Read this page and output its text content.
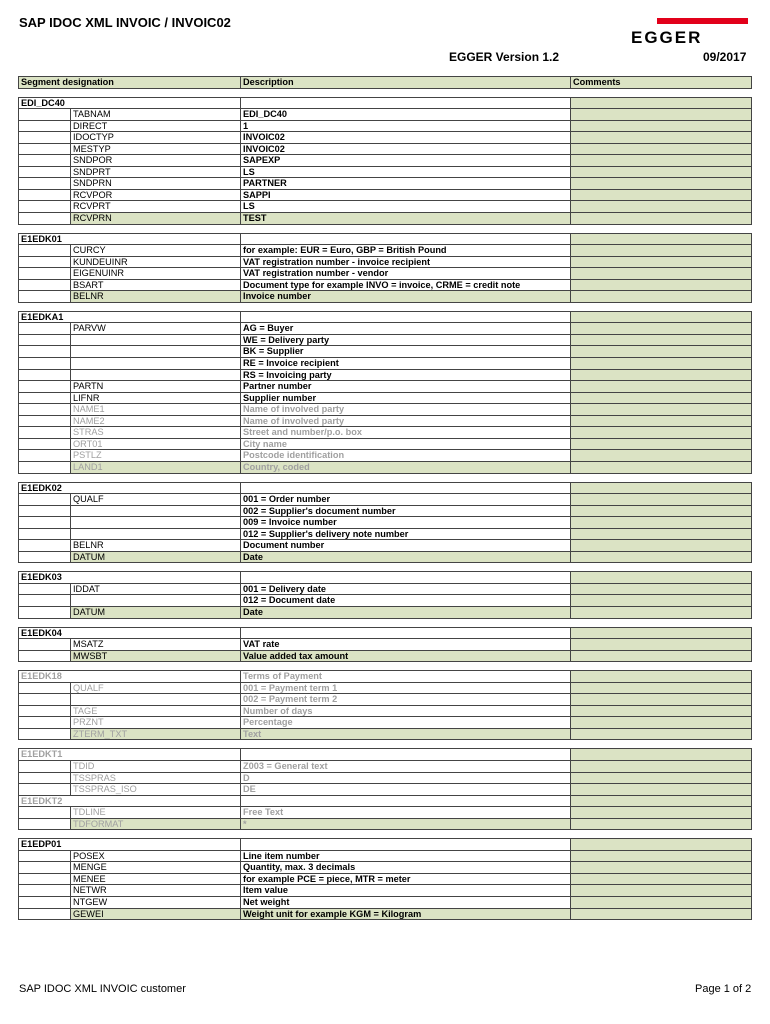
SAP IDOC XML INVOIC / INVOIC02
EGGER
EGGER Version 1.2	09/2017
Segment designation		Description	Comments

EDI_DC40			
	TABNAM	EDI_DC40	
	DIRECT	1	
	IDOCTYP	INVOIC02	
	MESTYP	INVOIC02	
	SNDPOR	SAPEXP	
	SNDPRT	LS	
	SNDPRN	PARTNER	
	RCVPOR	SAPPI	
	RCVPRT	LS	
	RCVPRN	TEST	

E1EDK01			
	CURCY	for example: EUR = Euro, GBP = British Pound	
	KUNDEUINR	VAT registration number - invoice recipient	
	EIGENUINR	VAT registration number - vendor	
	BSART	Document type for example INVO = invoice, CRME = credit note	
	BELNR	Invoice number	

E1EDKA1			
	PARVW	AG = Buyer	
		WE = Delivery party	
		BK = Supplier	
		RE = Invoice recipient	
		RS = Invoicing party	
	PARTN	Partner number	
	LIFNR	Supplier number	
	NAME1	Name of involved party	
	NAME2	Name of involved party	
	STRAS	Street and number/p.o. box	
	ORT01	City name	
	PSTLZ	Postcode identification	
	LAND1	Country, coded	

E1EDK02			
	QUALF	001 = Order number	
		002 = Supplier's document number	
		009 = Invoice number	
		012 = Supplier's delivery note number	
	BELNR	Document number	
	DATUM	Date	

E1EDK03			
	IDDAT	001 = Delivery date	
		012 = Document date	
	DATUM	Date	

E1EDK04			
	MSATZ	VAT rate	
	MWSBT	Value added tax amount	

E1EDK18		Terms of Payment	
	QUALF	001 = Payment term 1	
		002 = Payment term 2	
	TAGE	Number of days	
	PRZNT	Percentage	
	ZTERM_TXT	Text	

E1EDKT1			
	TDID	Z003 = General text	
	TSSPRAS	D	
	TSSPRAS_ISO	DE	
E1EDKT2			
	TDLINE	Free Text	
	TDFORMAT	*	

E1EDP01			
	POSEX	Line item number	
	MENGE	Quantity, max. 3 decimals	
	MENEE	for example PCE = piece, MTR = meter	
	NETWR	Item value	
	NTGEW	Net weight	
	GEWEI	Weight unit for example KGM = Kilogram	
SAP IDOC XML INVOIC customer	Page 1 of 2
